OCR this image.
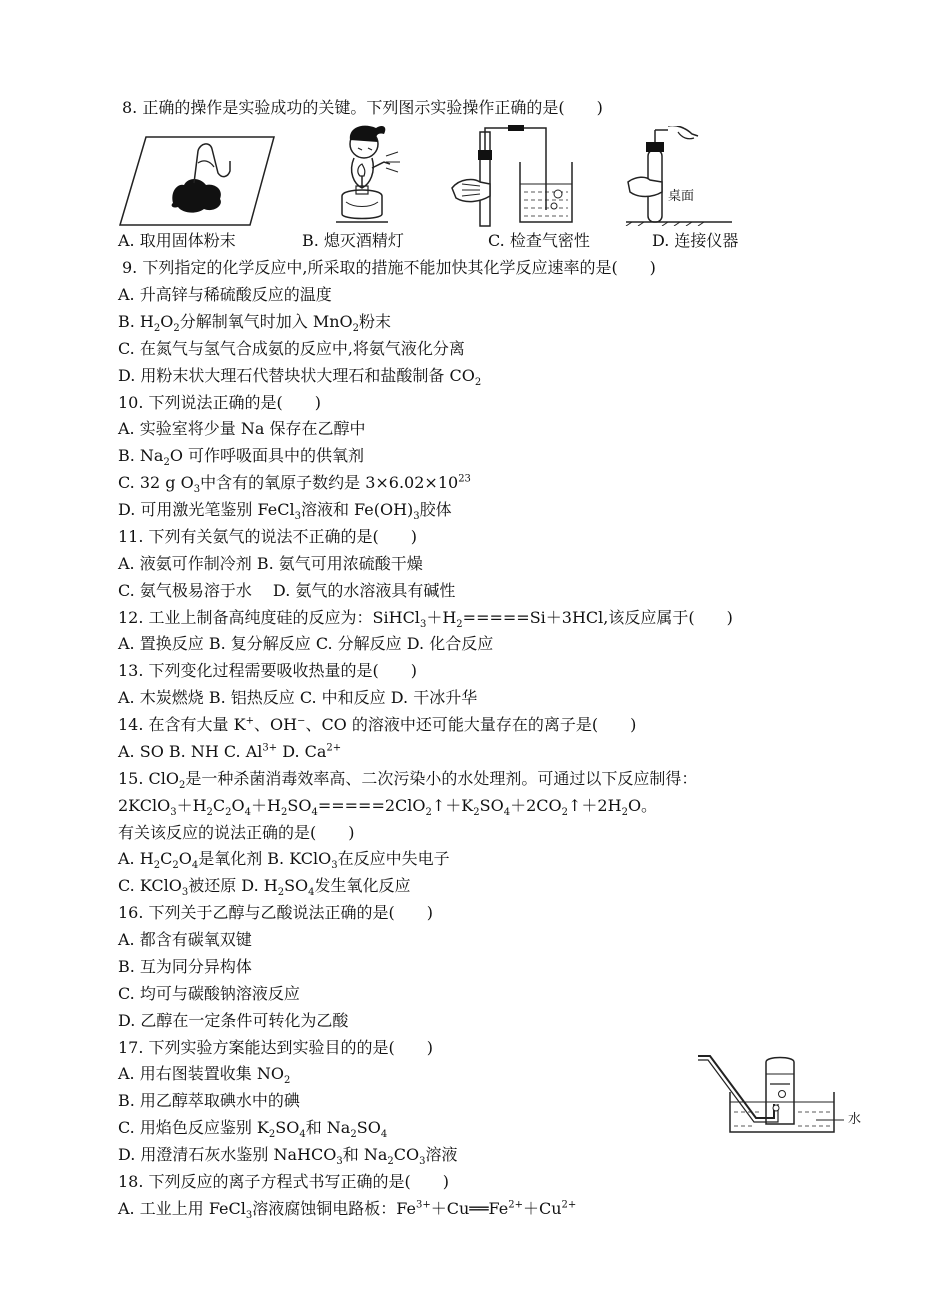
8. 正确的操作是实验成功的关键。下列图示实验操作正确的是(　　)
桌面
A. 取用固体粉末	B. 熄灭酒精灯	C. 检查气密性	D. 连接仪器
9. 下列指定的化学反应中,所采取的措施不能加快其化学反应速率的是(　　)
A. 升高锌与稀硫酸反应的温度
B. $H_2O_2$分解制氧气时加入 MnO$_2$粉末
C. 在氮气与氢气合成氨的反应中,将氨气液化分离
D. 用粉末状大理石代替块状大理石和盐酸制备 $CO_2$
10. 下列说法正确的是(　　)
A. 实验室将少量 Na 保存在乙醇中
B. $Na_2O$ 可作呼吸面具中的供氧剂
C. 32 g $O_3$中含有的氧原子数约是 $3\times 6.02\times 10^{23}$
D. 可用激光笔鉴别 FeCl$_3$溶液和 $Fe(OH)_3$胶体
11. 下列有关氨气的说法不正确的是(　　)
A. 液氨可作制冷剂 B. 氨气可用浓硫酸干燥
C. 氨气极易溶于水　 D. 氨气的水溶液具有碱性
12. 工业上制备高纯度硅的反应为：$SiHCl_3+H_2=====Si+3HCl$,该反应属于(　　)
A. 置换反应 B. 复分解反应 C. 分解反应 D. 化合反应
13. 下列变化过程需要吸收热量的是(　　)
A. 木炭燃烧 B. 铝热反应 C. 中和反应 D. 干冰升华
14. 在含有大量 K+、OH−、CO 的溶液中还可能大量存在的离子是(　　)
A. SO B. NH C. $Al^{3+}$ D. $Ca^{2+}$
15. ClO$_2$是一种杀菌消毒效率高、二次污染小的水处理剂。可通过以下反应制得：
$2KClO_3+H_2C_2O_4+H_2SO_4=====2ClO_2↑+K_2SO_4+2CO_2↑+2H_2O$。
有关该反应的说法正确的是(　　)
A. $H_2C_2O_4$是氧化剂 B. KClO$_3$在反应中失电子
C. KClO$_3$被还原 D. $H_2SO_4$发生氧化反应
16. 下列关于乙醇与乙酸说法正确的是(　　)
A. 都含有碳氧双键
B. 互为同分异构体
C. 均可与碳酸钠溶液反应
D. 乙醇在一定条件可转化为乙酸
17. 下列实验方案能达到实验目的的是(　　)
A. 用右图装置收集 $NO_2$
B. 用乙醇萃取碘水中的碘
C. 用焰色反应鉴别 $K_2SO_4$和 $Na_2SO_4$
D. 用澄清石灰水鉴别 NaHCO$_3$和 $Na_2CO_3$溶液
水
18. 下列反应的离子方程式书写正确的是(　　)
A. 工业上用 FeCl$_3$溶液腐蚀铜电路板：$Fe^{3+}+Cu══Fe^{2+}+Cu^{2+}$
